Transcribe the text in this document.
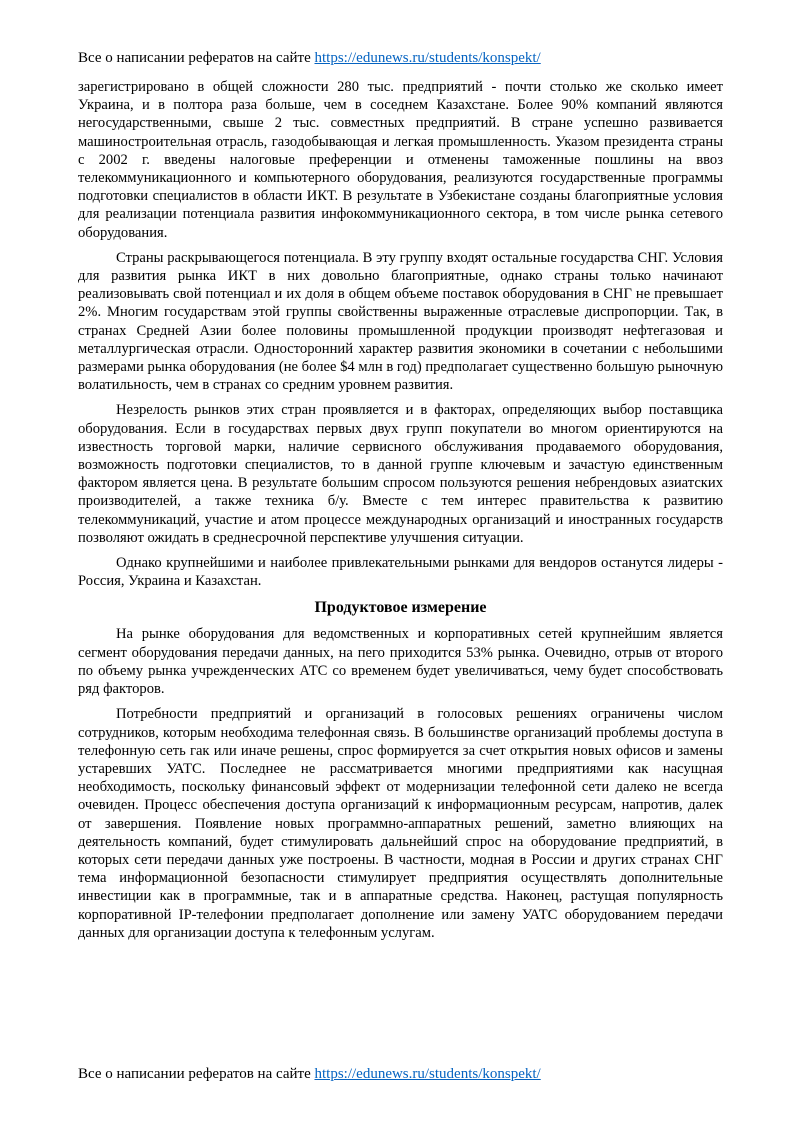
Все о написании рефератов на сайте https://edunews.ru/students/konspekt/

зарегистрировано в общей сложности 280 тыс. предприятий - почти столько же сколько имеет Украина, и в полтора раза больше, чем в соседнем Казахстане. Более 90% компаний являются негосударственными, свыше 2 тыс. совместных предприятий. В стране успешно развивается машиностроительная отрасль, газодобывающая и легкая промышленность. Указом президента страны с 2002 г. введены налоговые преференции и отменены таможенные пошлины на ввоз телекоммуникационного и компьютерного оборудования, реализуются государственные программы подготовки специалистов в области ИКТ. В результате в Узбекистане созданы благоприятные условия для реализации потенциала развития инфокоммуникационного сектора, в том числе рынка сетевого оборудования.

Страны раскрывающегося потенциала. В эту группу входят остальные государства СНГ. Условия для развития рынка ИКТ в них довольно благоприятные, однако страны только начинают реализовывать свой потенциал и их доля в общем объеме поставок оборудования в СНГ не превышает 2%. Многим государствам этой группы свойственны выраженные отраслевые диспропорции. Так, в странах Средней Азии более половины промышленной продукции производят нефтегазовая и металлургическая отрасли. Односторонний характер развития экономики в сочетании с небольшими размерами рынка оборудования (не более $4 млн в год) предполагает существенно большую рыночную волатильность, чем в странах со средним уровнем развития.

Незрелость рынков этих стран проявляется и в факторах, определяющих выбор поставщика оборудования. Если в государствах первых двух групп покупатели во многом ориентируются на известность торговой марки, наличие сервисного обслуживания продаваемого оборудования, возможность подготовки специалистов, то в данной группе ключевым и зачастую единственным фактором является цена. В результате большим спросом пользуются решения небрендовых азиатских производителей, а также техника б/у. Вместе с тем интерес правительства к развитию телекоммуникаций, участие и атом процессе международных организаций и иностранных государств позволяют ожидать в среднесрочной перспективе улучшения ситуации.

Однако крупнейшими и наиболее привлекательными рынками для вендоров останутся лидеры - Россия, Украина и Казахстан.

Продуктовое измерение

На рынке оборудования для ведомственных и корпоративных сетей крупнейшим является сегмент оборудования передачи данных, на пего приходится 53% рынка. Очевидно, отрыв от второго по объему рынка учрежденческих АТС со временем будет увеличиваться, чему будет способствовать ряд факторов.

Потребности предприятий и организаций в голосовых решениях ограничены числом сотрудников, которым необходима телефонная связь. В большинстве организаций проблемы доступа в телефонную сеть гак или иначе решены, спрос формируется за счет открытия новых офисов и замены устаревших УАТС. Последнее не рассматривается многими предприятиями как насущная необходимость, поскольку финансовый эффект от модернизации телефонной сети далеко не всегда очевиден. Процесс обеспечения доступа организаций к информационным ресурсам, напротив, далек от завершения. Появление новых программно-аппаратных решений, заметно влияющих на деятельность компаний, будет стимулировать дальнейший спрос на оборудование предприятий, в которых сети передачи данных уже построены. В частности, модная в России и других странах СНГ тема информационной безопасности стимулирует предприятия осуществлять дополнительные инвестиции как в программные, так и в аппаратные средства. Наконец, растущая популярность корпоративной IP-телефонии предполагает дополнение или замену УАТС оборудованием передачи данных для организации доступа к телефонным услугам.

Все о написании рефератов на сайте https://edunews.ru/students/konspekt/
